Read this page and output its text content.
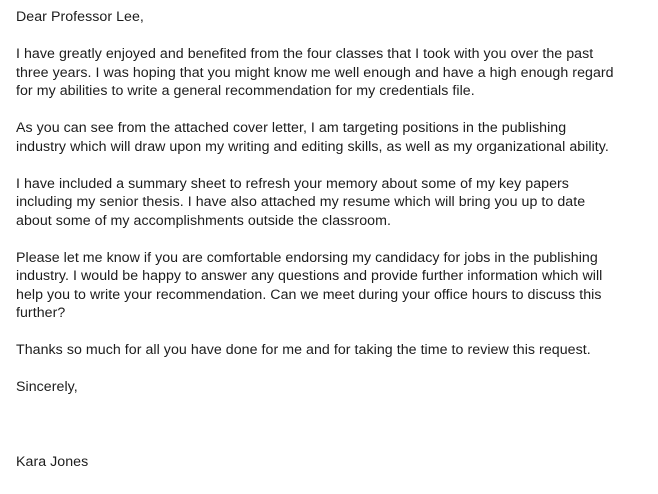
Dear Professor Lee,

I have greatly enjoyed and benefited from the four classes that I took with you over the past
three years. I was hoping that you might know me well enough and have a high enough regard
for my abilities to write a general recommendation for my credentials file.

As you can see from the attached cover letter, I am targeting positions in the publishing
industry which will draw upon my writing and editing skills, as well as my organizational ability.

I have included a summary sheet to refresh your memory about some of my key papers
including my senior thesis. I have also attached my resume which will bring you up to date
about some of my accomplishments outside the classroom.

Please let me know if you are comfortable endorsing my candidacy for jobs in the publishing
industry. I would be happy to answer any questions and provide further information which will
help you to write your recommendation. Can we meet during your office hours to discuss this
further?

Thanks so much for all you have done for me and for taking the time to review this request.

Sincerely,

Kara Jones
